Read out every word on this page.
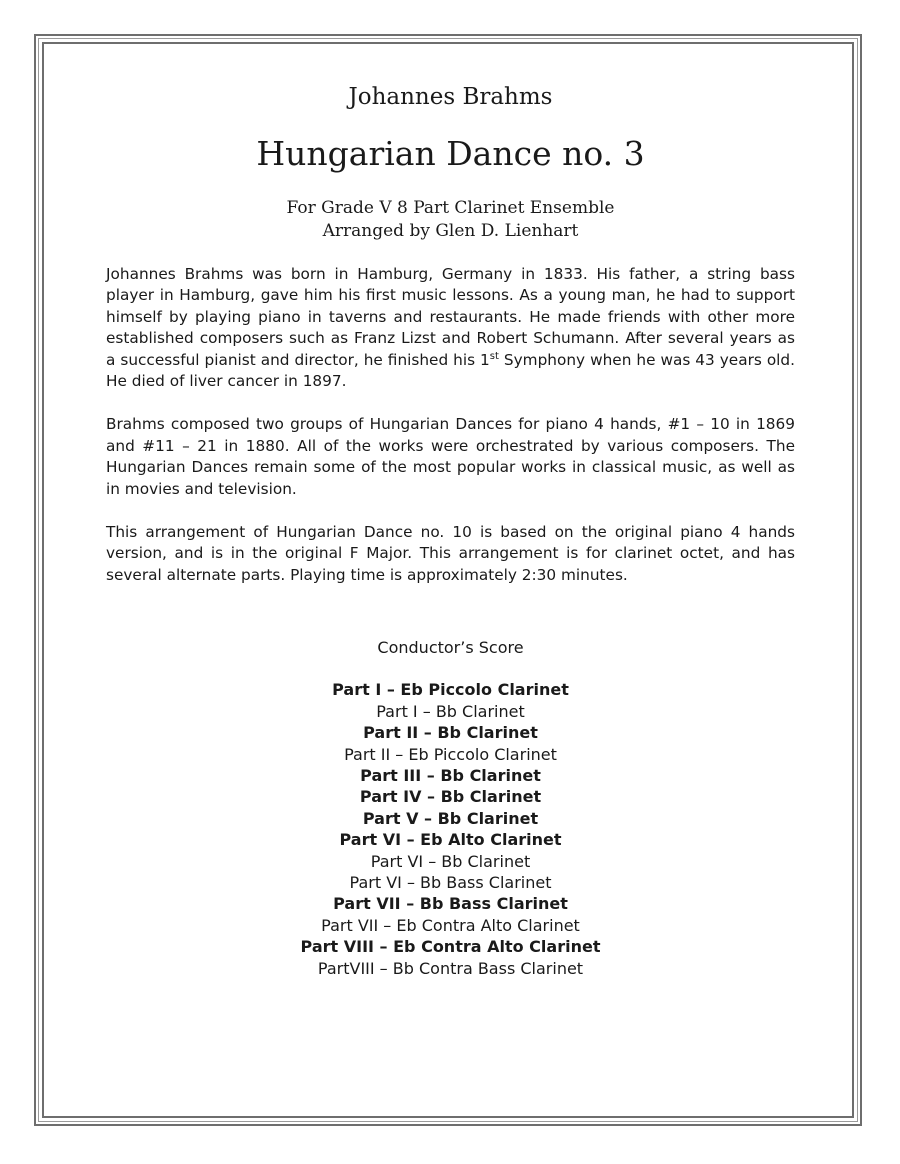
Johannes Brahms
Hungarian Dance no. 3
For Grade V 8 Part Clarinet Ensemble
Arranged by Glen D. Lienhart

Johannes Brahms was born in Hamburg, Germany in 1833. His father, a string bass player in Hamburg, gave him his first music lessons. As a young man, he had to support himself by playing piano in taverns and restaurants. He made friends with other more established composers such as Franz Lizst and Robert Schumann. After several years as a successful pianist and director, he finished his 1st Symphony when he was 43 years old. He died of liver cancer in 1897.

Brahms composed two groups of Hungarian Dances for piano 4 hands, #1 – 10 in 1869 and #11 – 21 in 1880. All of the works were orchestrated by various composers. The Hungarian Dances remain some of the most popular works in classical music, as well as in movies and television.

This arrangement of Hungarian Dance no. 10 is based on the original piano 4 hands version, and is in the original F Major. This arrangement is for clarinet octet, and has several alternate parts. Playing time is approximately 2:30 minutes.

Conductor’s Score
Part I – Eb Piccolo Clarinet
Part I – Bb Clarinet
Part II – Bb Clarinet
Part II – Eb Piccolo Clarinet
Part III – Bb Clarinet
Part IV – Bb Clarinet
Part V – Bb Clarinet
Part VI – Eb Alto Clarinet
Part VI – Bb Clarinet
Part VI – Bb Bass Clarinet
Part VII – Bb Bass Clarinet
Part VII – Eb Contra Alto Clarinet
Part VIII – Eb Contra Alto Clarinet
PartVIII – Bb Contra Bass Clarinet
